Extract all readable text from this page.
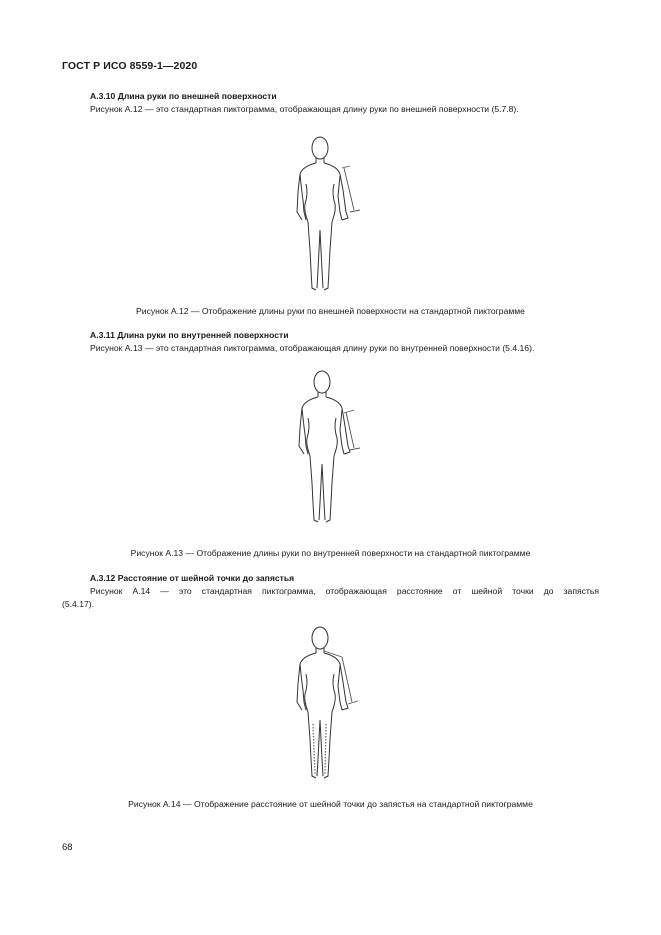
ГОСТ Р ИСО 8559-1—2020
А.3.10 Длина руки по внешней поверхности
Рисунок А.12 — это стандартная пиктограмма, отображающая длину руки по внешней поверхности (5.7.8).
Рисунок А.12 — Отображение длины руки по внешней поверхности на стандартной пиктограмме
А.3.11 Длина руки по внутренней поверхности
Рисунок А.13 — это стандартная пиктограмма, отображающая длину руки по внутренней поверхности (5.4.16).
Рисунок А.13 — Отображение длины руки по внутренней поверхности на стандартной пиктограмме
А.3.12 Расстояние от шейной точки до запястья
Рисунок А.14 — это стандартная пиктограмма, отображающая расстояние от шейной точки до запястья
(5.4.17).
Рисунок А.14 — Отображение расстояние от шейной точки до запястья на стандартной пиктограмме
68
